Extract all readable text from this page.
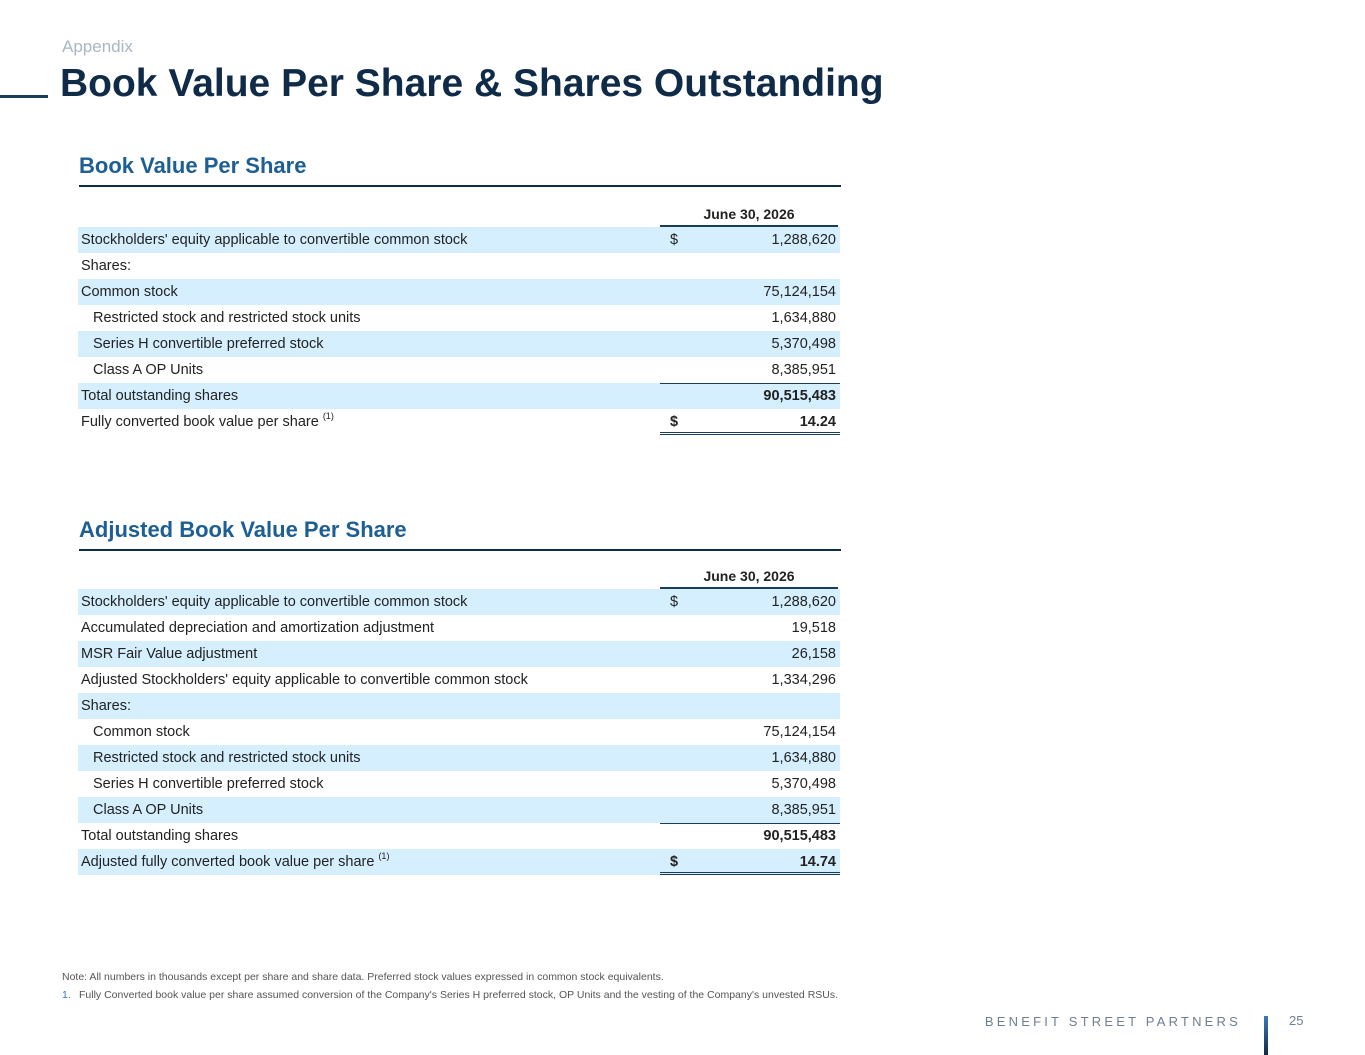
Appendix
Book Value Per Share & Shares Outstanding
Book Value Per Share
June 30, 2026
Stockholders' equity applicable to convertible common stock	$	1,288,620
Shares:
Common stock	75,124,154
Restricted stock and restricted stock units	1,634,880
Series H convertible preferred stock	5,370,498
Class A OP Units	8,385,951
Total outstanding shares	90,515,483
Fully converted book value per share $^{(1)}$	$	14.24
Adjusted Book Value Per Share
June 30, 2026
Stockholders' equity applicable to convertible common stock	$	1,288,620
Accumulated depreciation and amortization adjustment	19,518
MSR Fair Value adjustment	26,158
Adjusted Stockholders' equity applicable to convertible common stock	1,334,296
Shares:
Common stock	75,124,154
Restricted stock and restricted stock units	1,634,880
Series H convertible preferred stock	5,370,498
Class A OP Units	8,385,951
Total outstanding shares	90,515,483
Adjusted fully converted book value per share $^{(1)}$	$	14.74
Note: All numbers in thousands except per share and share data. Preferred stock values expressed in common stock equivalents.
1. Fully Converted book value per share assumed conversion of the Company's Series H preferred stock, OP Units and the vesting of the Company's unvested RSUs.
BENEFIT STREET PARTNERS	25
